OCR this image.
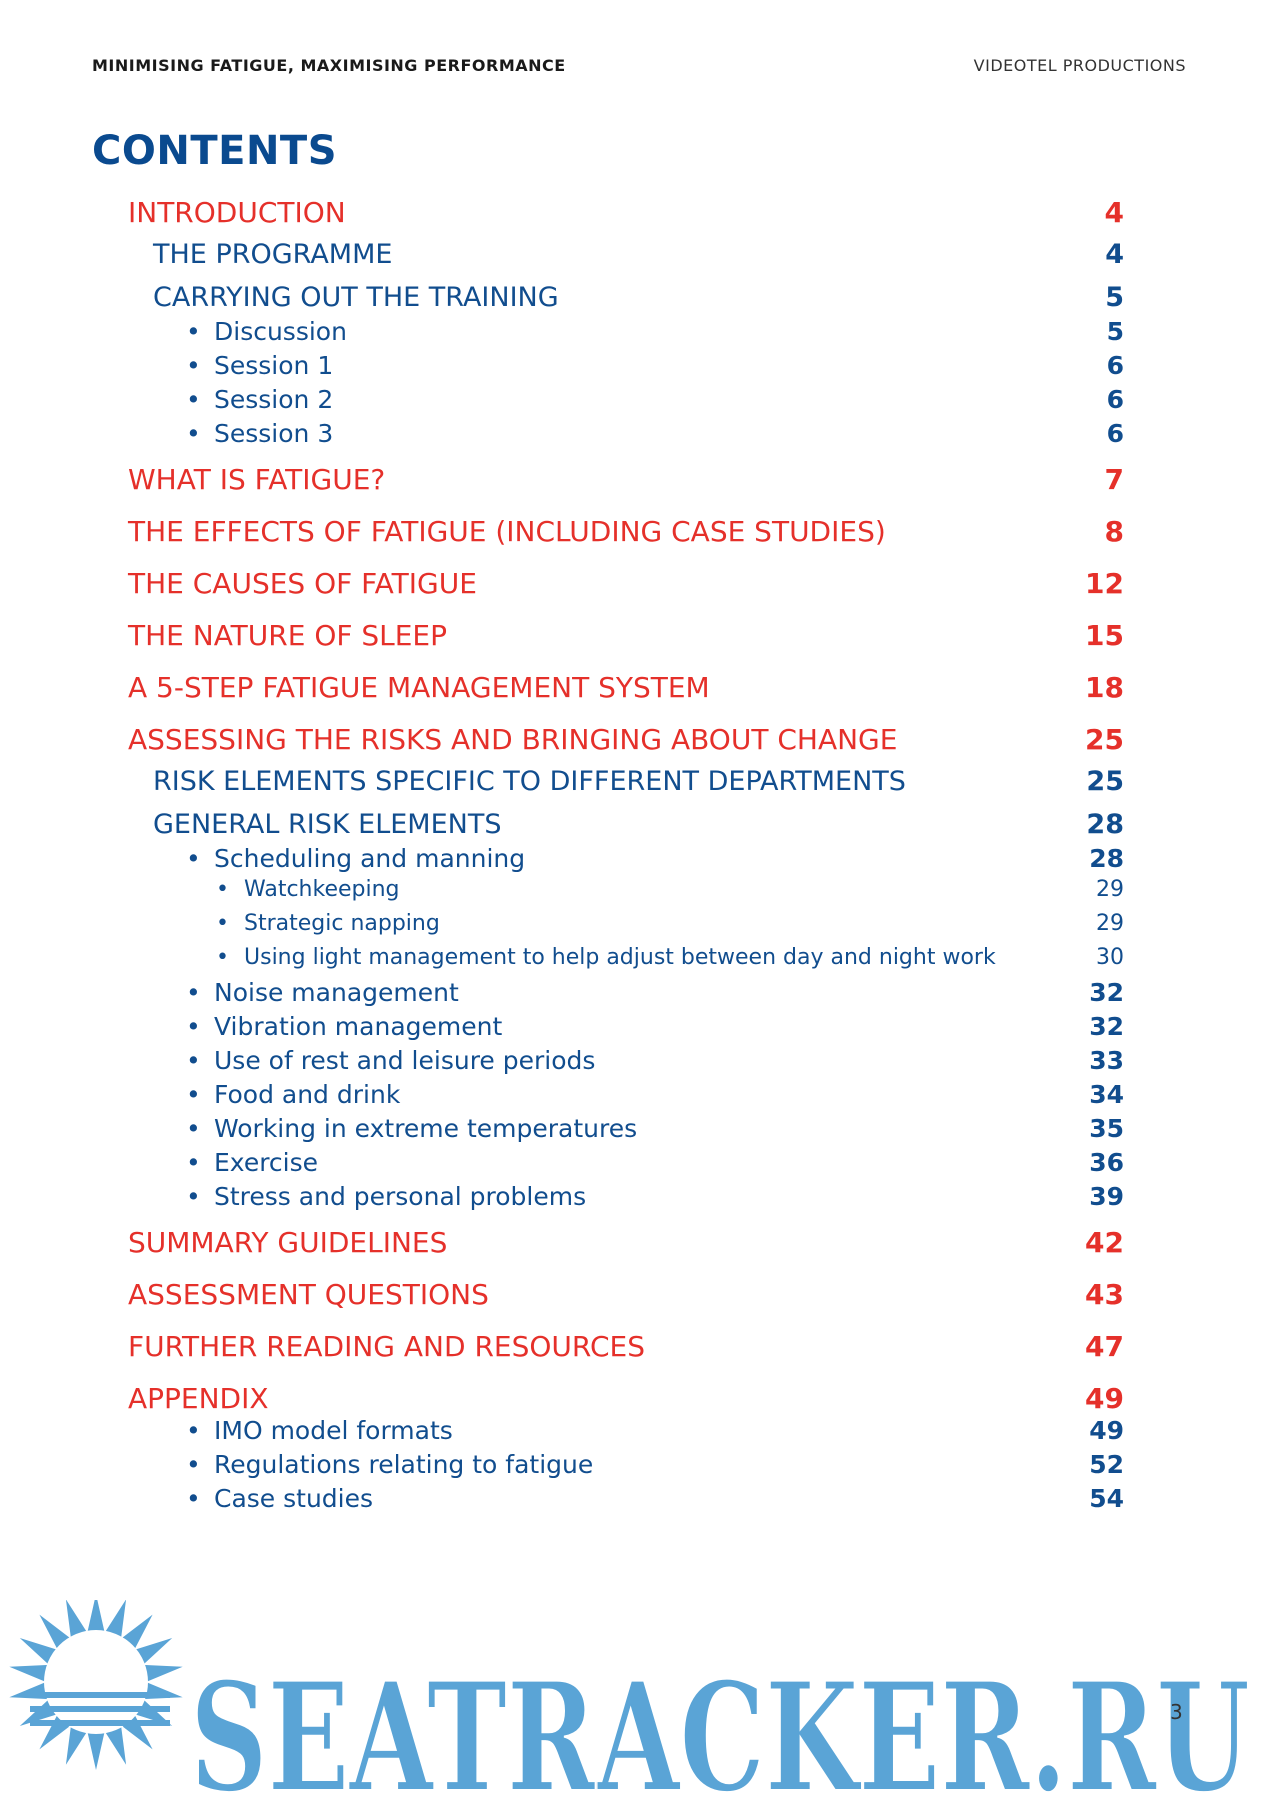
MINIMISING FATIGUE, MAXIMISING PERFORMANCE	VIDEOTEL PRODUCTIONS
CONTENTS
INTRODUCTION	4
THE PROGRAMME	4
CARRYING OUT THE TRAINING	5
• Discussion	5
• Session 1	6
• Session 2	6
• Session 3	6
WHAT IS FATIGUE?	7
THE EFFECTS OF FATIGUE (INCLUDING CASE STUDIES)	8
THE CAUSES OF FATIGUE	12
THE NATURE OF SLEEP	15
A 5-STEP FATIGUE MANAGEMENT SYSTEM	18
ASSESSING THE RISKS AND BRINGING ABOUT CHANGE	25
RISK ELEMENTS SPECIFIC TO DIFFERENT DEPARTMENTS	25
GENERAL RISK ELEMENTS	28
• Scheduling and manning	28
• Watchkeeping	29
• Strategic napping	29
• Using light management to help adjust between day and night work	30
• Noise management	32
• Vibration management	32
• Use of rest and leisure periods	33
• Food and drink	34
• Working in extreme temperatures	35
• Exercise	36
• Stress and personal problems	39
SUMMARY GUIDELINES	42
ASSESSMENT QUESTIONS	43
FURTHER READING AND RESOURCES	47
APPENDIX	49
• IMO model formats	49
• Regulations relating to fatigue	52
• Case studies	54
SEATRACKER.RU
3
